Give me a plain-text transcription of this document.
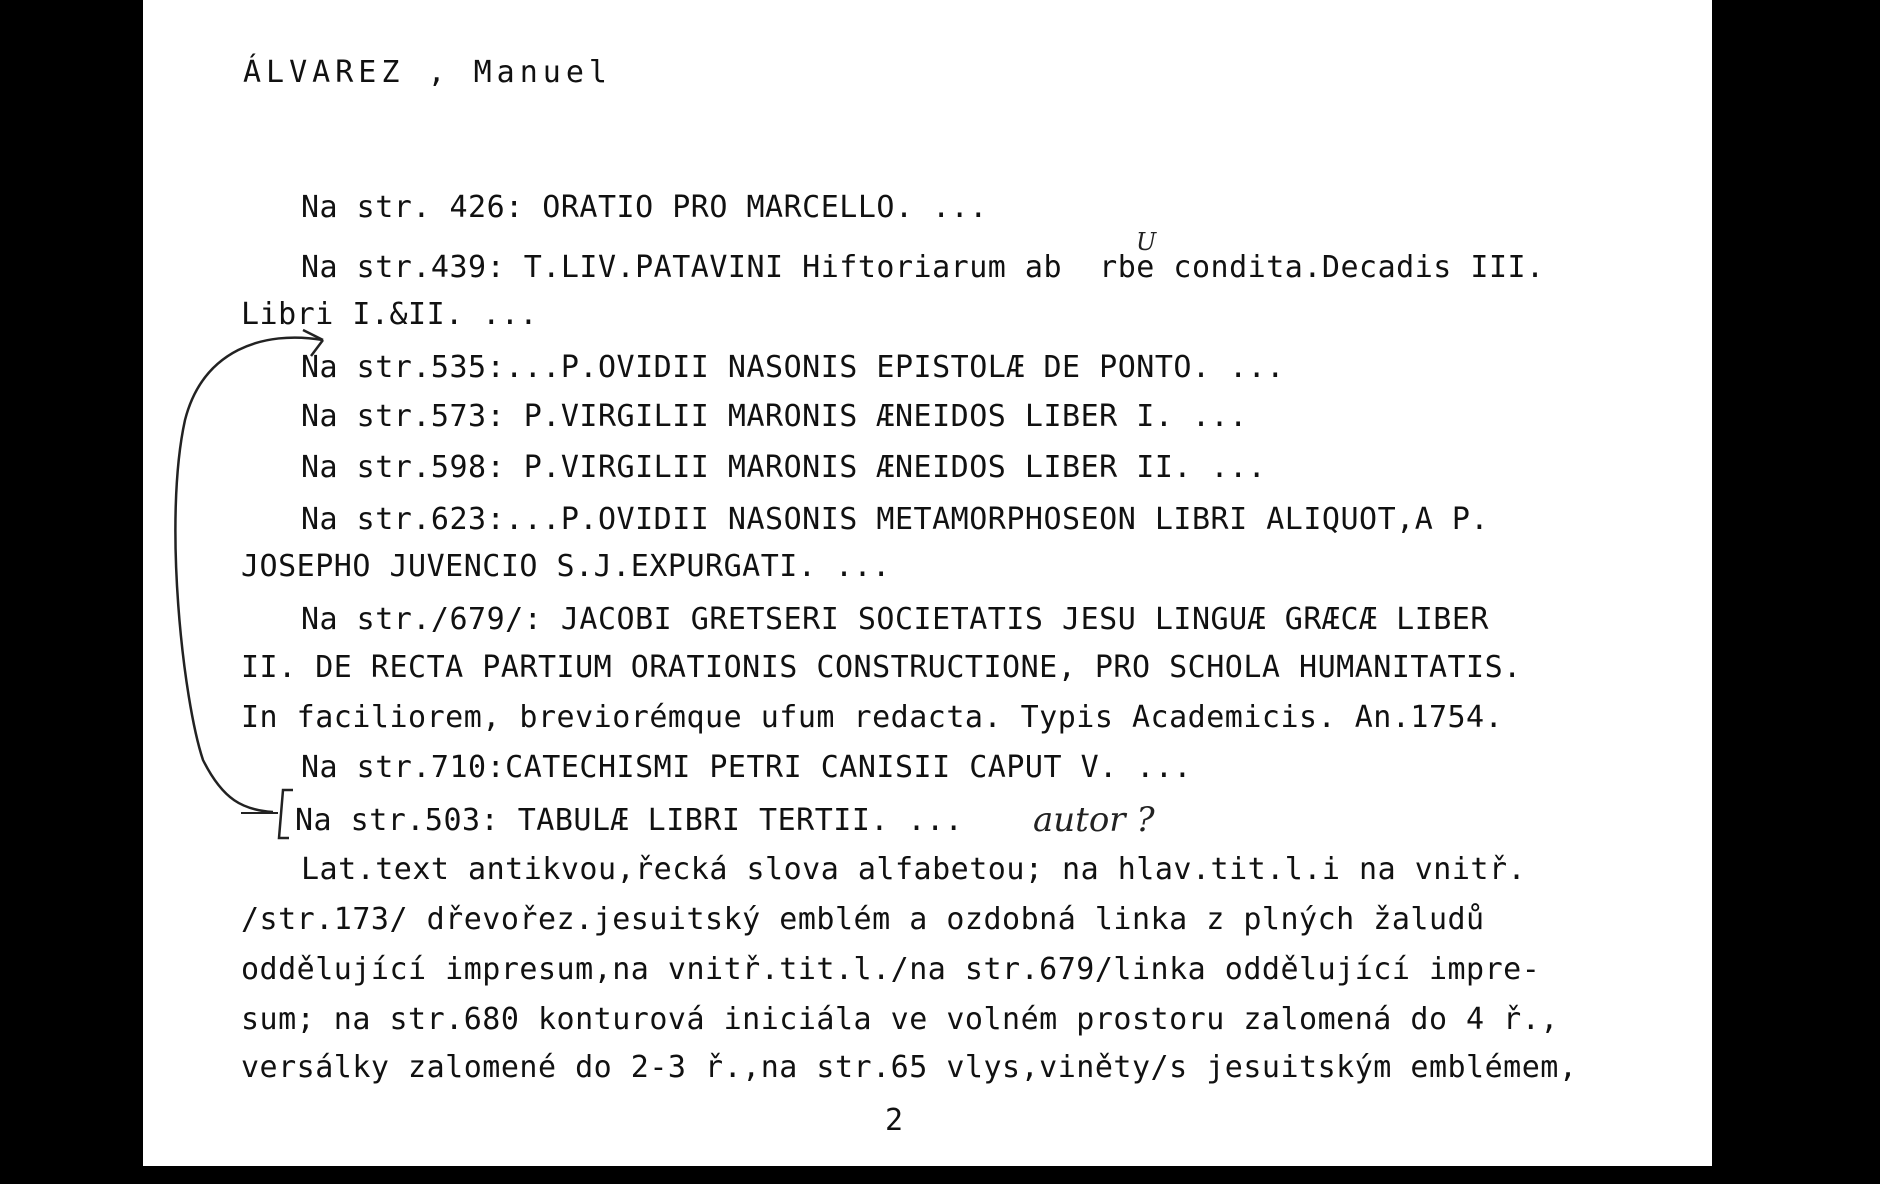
ÁLVAREZ , Manuel
Na str. 426: ORATIO PRO MARCELLO. ...
Na str.439: T.LIV.PATAVINI Hiftoriarum ab  rbe condita.Decadis III.
Libri I.&II. ...
Na str.535:...P.OVIDII NASONIS EPISTOLÆ DE PONTO. ...
Na str.573: P.VIRGILII MARONIS ÆNEIDOS LIBER I. ...
Na str.598: P.VIRGILII MARONIS ÆNEIDOS LIBER II. ...
Na str.623:...P.OVIDII NASONIS METAMORPHOSEON LIBRI ALIQUOT,A P.
JOSEPHO JUVENCIO S.J.EXPURGATI. ...
Na str./679/: JACOBI GRETSERI SOCIETATIS JESU LINGUÆ GRÆCÆ LIBER
II. DE RECTA PARTIUM ORATIONIS CONSTRUCTIONE, PRO SCHOLA HUMANITATIS.
In faciliorem, breviorémque ufum redacta. Typis Academicis. An.1754.
Na str.710:CATECHISMI PETRI CANISII CAPUT V. ...
Na str.503: TABULÆ LIBRI TERTII. ...
Lat.text antikvou,řecká slova alfabetou; na hlav.tit.l.i na vnitř.
/str.173/ dřevořez.jesuitský emblém a ozdobná linka z plných žaludů
oddělující impresum,na vnitř.tit.l./na str.679/linka oddělující impre-
sum; na str.680 konturová iniciála ve volném prostoru zalomená do 4 ř.,
versálky zalomené do 2-3 ř.,na str.65 vlys,viněty/s jesuitským emblémem,
U
autor ?
2
